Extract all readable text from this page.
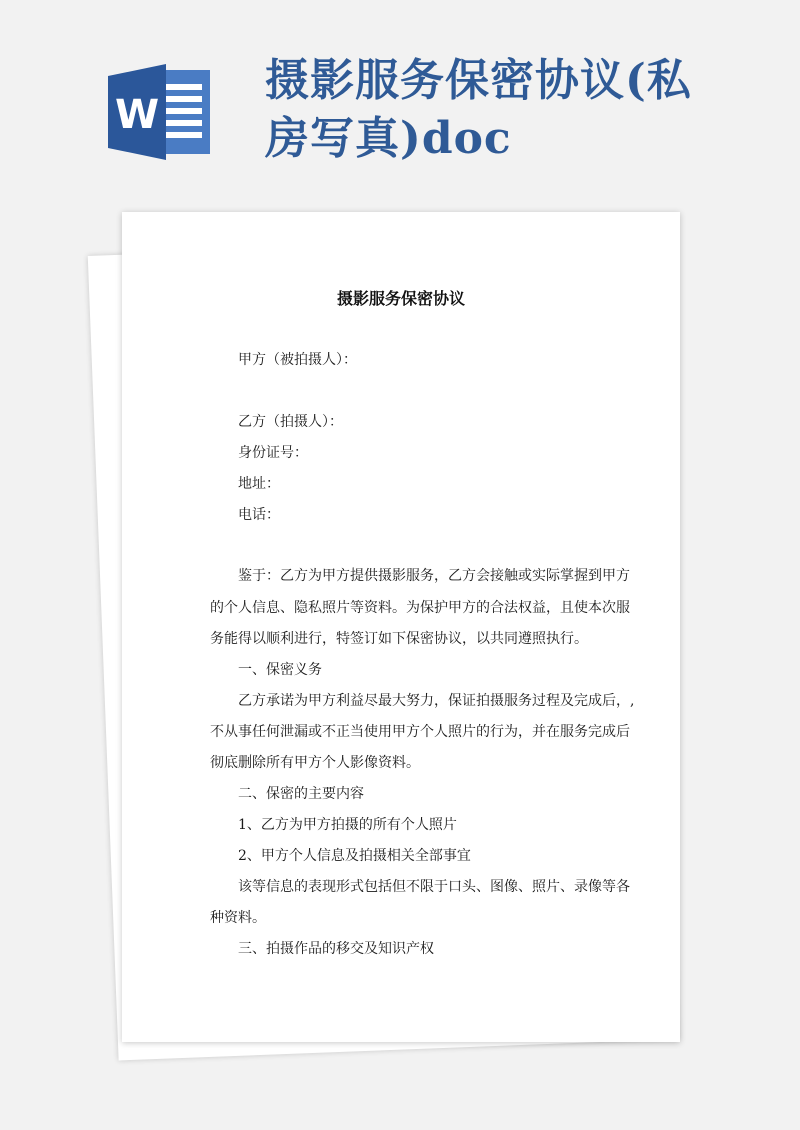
W
摄影服务保密协议(私
房写真)doc

摄影服务保密协议

甲方（被拍摄人）：

乙方（拍摄人）：

身份证号：

地址：

电话：

鉴于：乙方为甲方提供摄影服务，乙方会接触或实际掌握到甲方

的个人信息、隐私照片等资料。为保护甲方的合法权益，且使本次服

务能得以顺利进行，特签订如下保密协议，以共同遵照执行。

一、保密义务

乙方承诺为甲方利益尽最大努力，保证拍摄服务过程及完成后，,

不从事任何泄漏或不正当使用甲方个人照片的行为，并在服务完成后

彻底删除所有甲方个人影像资料。

二、保密的主要内容

1、乙方为甲方拍摄的所有个人照片

2、甲方个人信息及拍摄相关全部事宜

该等信息的表现形式包括但不限于口头、图像、照片、录像等各

种资料。

三、拍摄作品的移交及知识产权
